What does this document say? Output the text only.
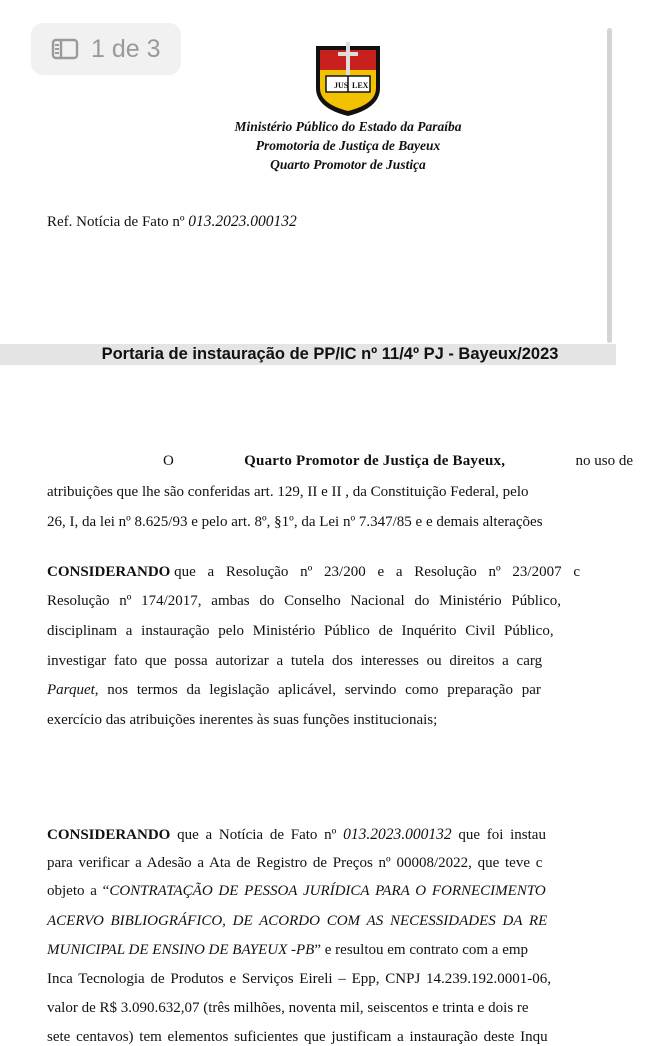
1 de 3
JUS LEX
Ministério Público do Estado da Paraíba
Promotoria de Justiça de Bayeux
Quarto Promotor de Justiça
Ref. Notícia de Fato nº 013.2023.000132
Portaria de instauração de PP/IC nº 11/4º PJ - Bayeux/2023
O	Quarto Promotor de Justiça de Bayeux,	no uso de
atribuições que lhe são conferidas art. 129, II e II , da Constituição Federal, pelo
26, I, da lei nº 8.625/93 e pelo art. 8º, §1º, da Lei nº 7.347/85 e e demais alterações
CONSIDERANDO que a Resolução nº 23/200 e a Resolução nº 23/2007 c
Resolução nº 174/2017, ambas do Conselho Nacional do Ministério Público,
disciplinam a instauração pelo Ministério Público de Inquérito Civil Público,
investigar fato que possa autorizar a tutela dos interesses ou direitos a carg
Parquet, nos termos da legislação aplicável, servindo como preparação par
exercício das atribuições inerentes às suas funções institucionais;
CONSIDERANDO que a Notícia de Fato nº 013.2023.000132 que foi instau
para verificar a Adesão a Ata de Registro de Preços nº 00008/2022, que teve c
objeto a “CONTRATAÇÃO DE PESSOA JURÍDICA PARA O FORNECIMENTO
ACERVO BIBLIOGRÁFICO, DE ACORDO COM AS NECESSIDADES DA RE
MUNICIPAL DE ENSINO DE BAYEUX -PB” e resultou em contrato com a emp
Inca Tecnologia de Produtos e Serviços Eireli – Epp, CNPJ 14.239.192.0001-06,
valor de R$ 3.090.632,07 (três milhões, noventa mil, seiscentos e trinta e dois re
sete centavos) tem elementos suficientes que justificam a instauração deste Inqu
